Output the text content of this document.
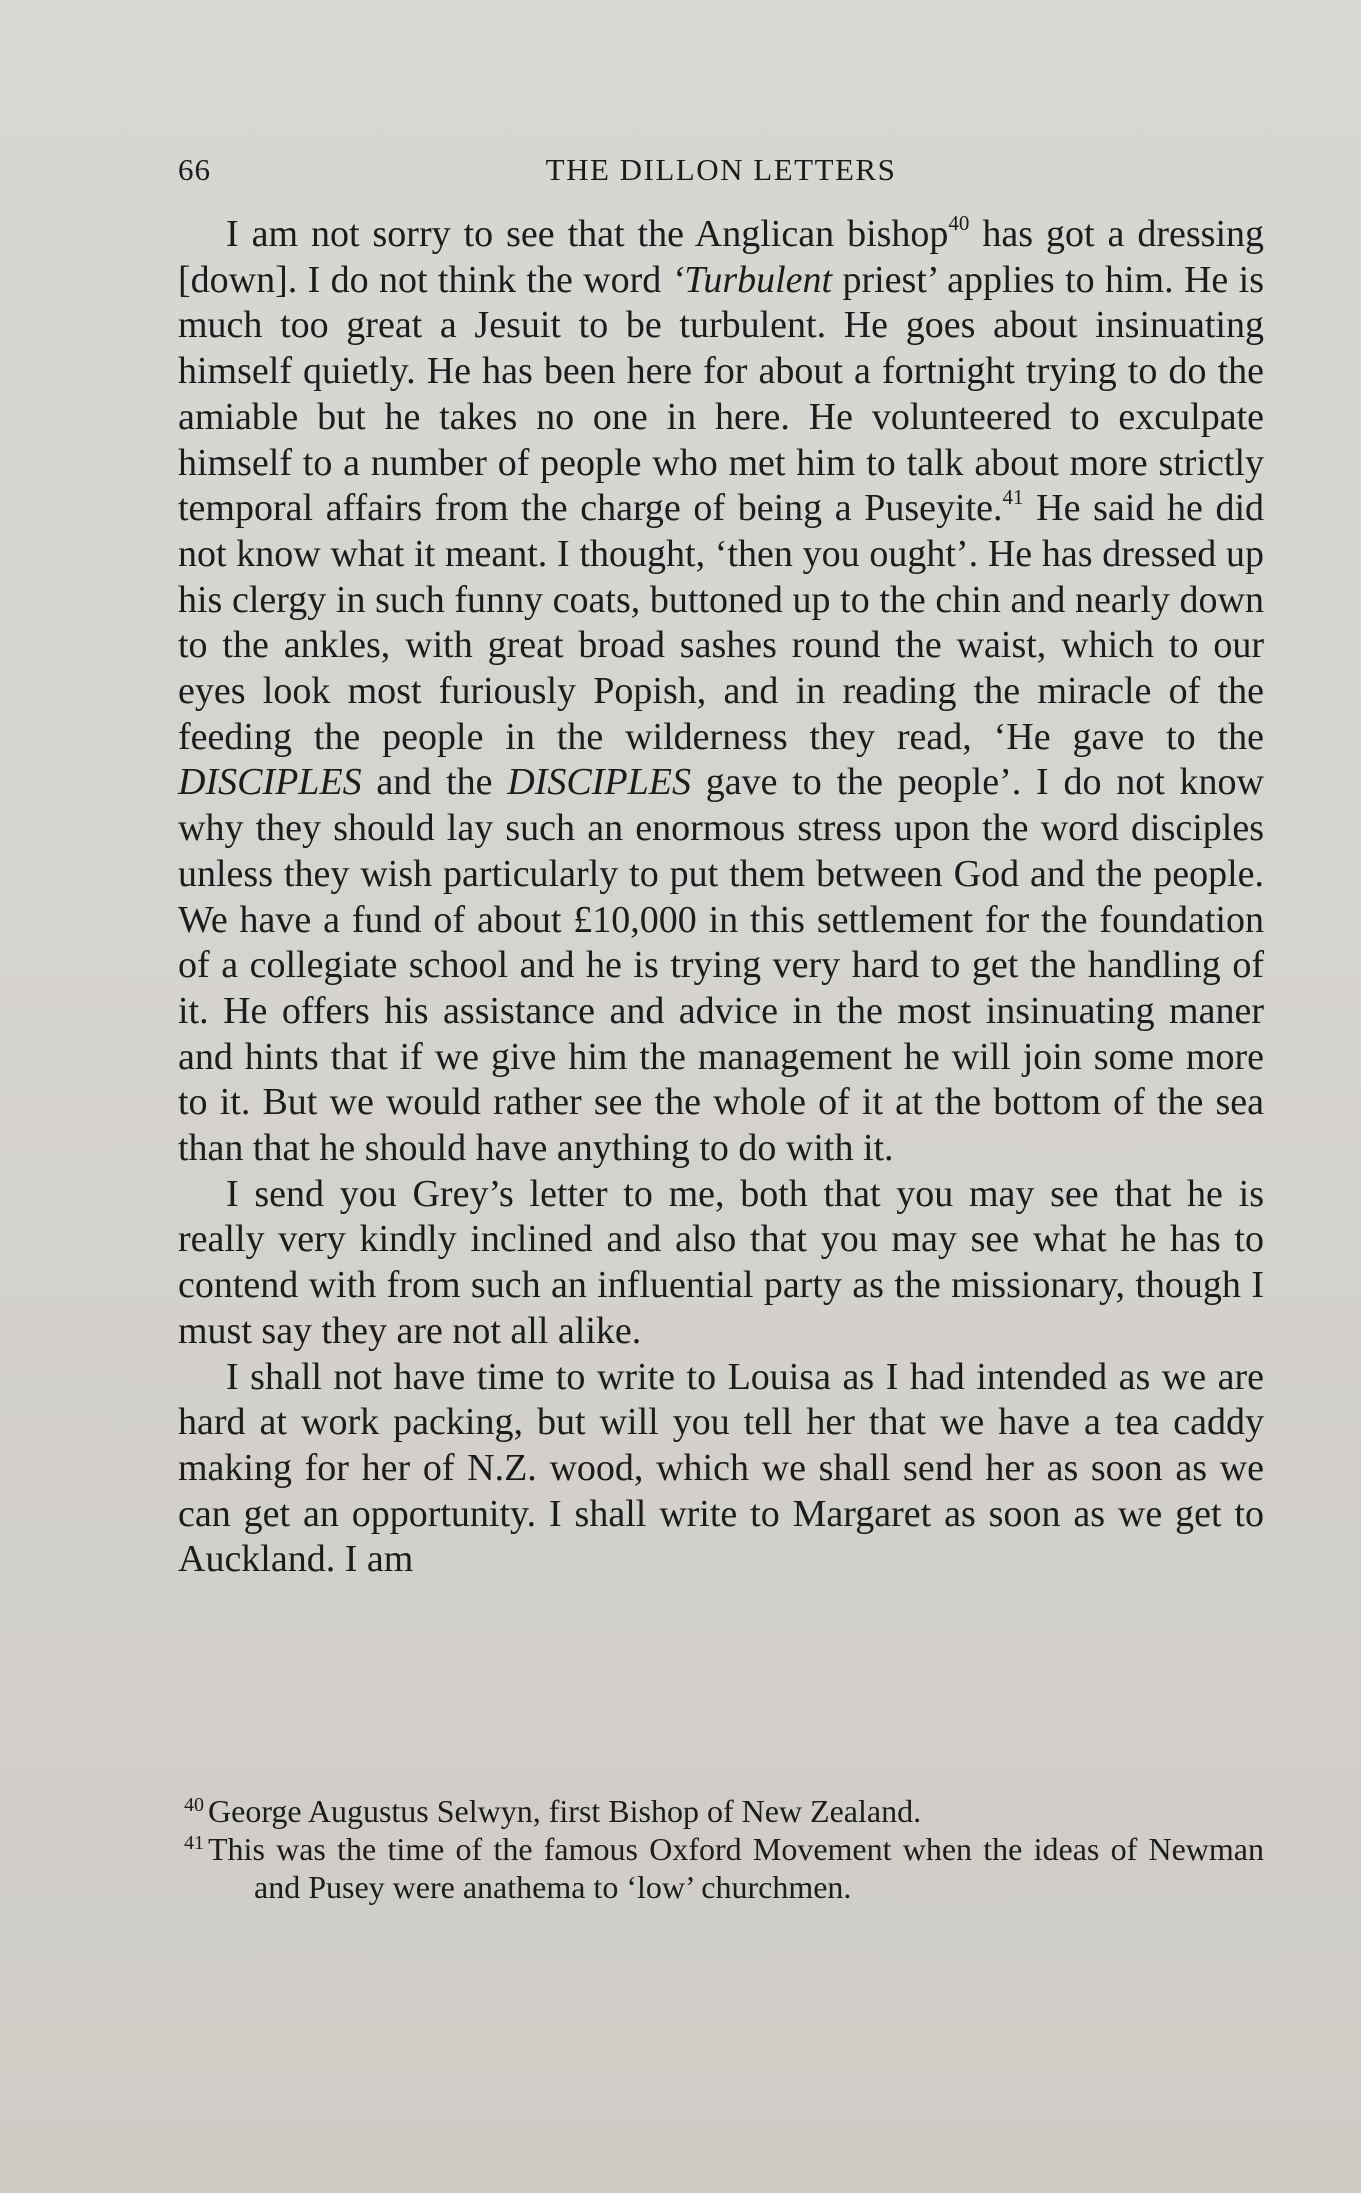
66	THE DILLON LETTERS

I am not sorry to see that the Anglican bishop$^{40}$ has got a dressing [down]. I do not think the word ‘Turbulent priest’ applies to him. He is much too great a Jesuit to be turbulent. He goes about insinuating himself quietly. He has been here for about a fortnight trying to do the amiable but he takes no one in here. He volunteered to exculpate himself to a number of people who met him to talk about more strictly temporal affairs from the charge of being a Puseyite.$^{41}$ He said he did not know what it meant. I thought, ‘then you ought’. He has dressed up his clergy in such funny coats, buttoned up to the chin and nearly down to the ankles, with great broad sashes round the waist, which to our eyes look most furiously Popish, and in reading the miracle of the feeding the people in the wilderness they read, ‘He gave to the DISCIPLES and the DISCIPLES gave to the people’. I do not know why they should lay such an enormous stress upon the word disciples unless they wish particularly to put them between God and the people. We have a fund of about £10,000 in this settlement for the foundation of a collegiate school and he is trying very hard to get the handling of it. He offers his assistance and advice in the most insinuating maner and hints that if we give him the management he will join some more to it. But we would rather see the whole of it at the bottom of the sea than that he should have anything to do with it.

I send you Grey’s letter to me, both that you may see that he is really very kindly inclined and also that you may see what he has to contend with from such an influential party as the missionary, though I must say they are not all alike.

I shall not have time to write to Louisa as I had intended as we are hard at work packing, but will you tell her that we have a tea caddy making for her of N.Z. wood, which we shall send her as soon as we can get an opportunity. I shall write to Margaret as soon as we get to Auckland. I am

$^{40}$ George Augustus Selwyn, first Bishop of New Zealand.

$^{41}$ This was the time of the famous Oxford Movement when the ideas of Newman and Pusey were anathema to ‘low’ churchmen.
